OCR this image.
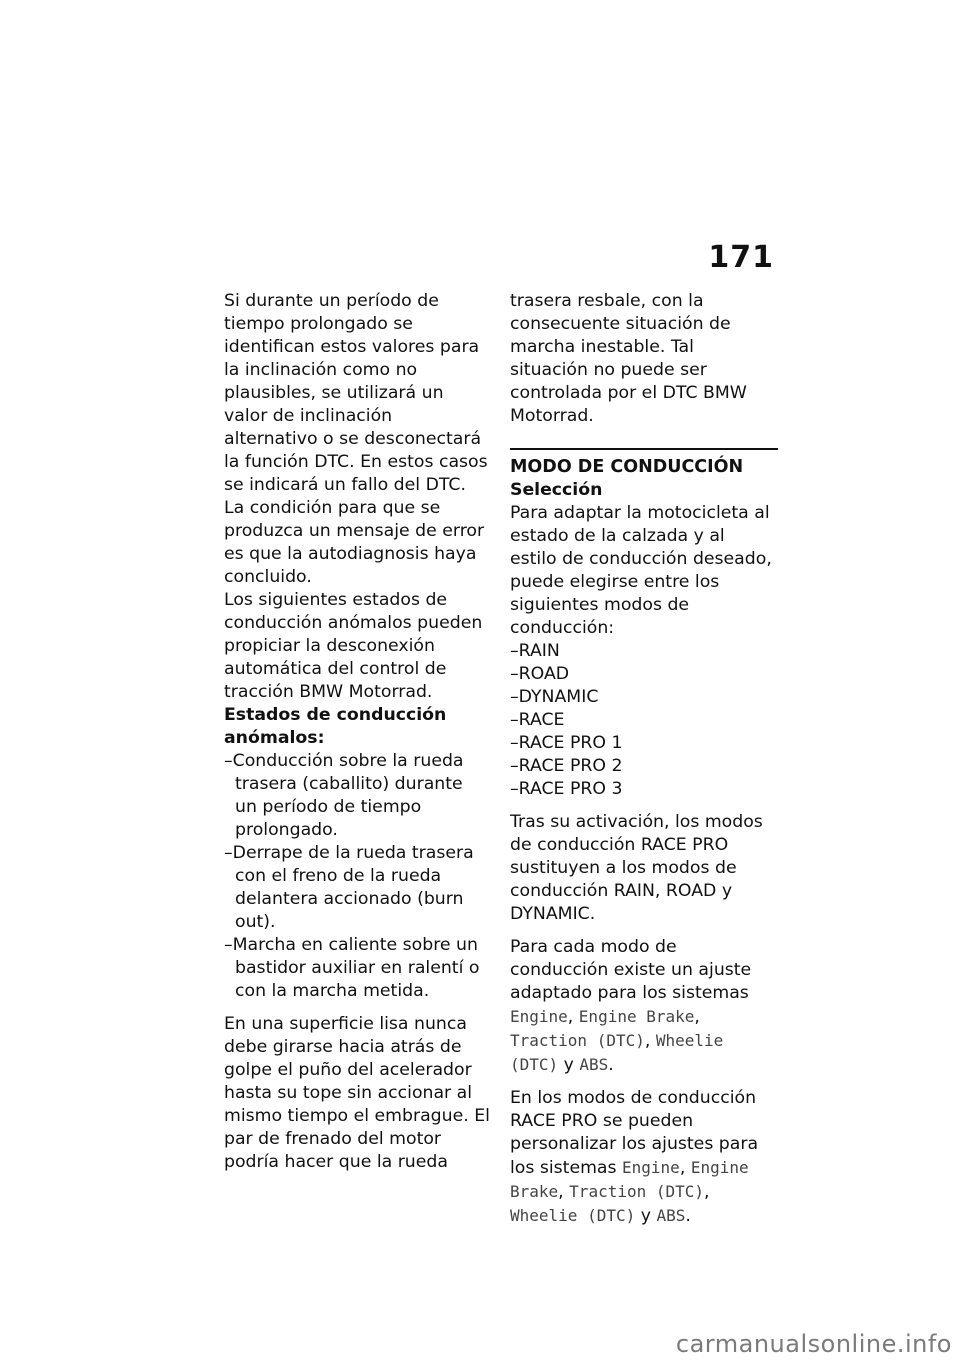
171

Si durante un período de tiempo prolongado se identifican estos valores para la inclinación como no plausibles, se utilizará un valor de inclinación alternativo o se desconectará la función DTC. En estos casos se indicará un fallo del DTC. La condición para que se produzca un mensaje de error es que la autodiagnosis haya concluido.

Los siguientes estados de conducción anómalos pueden propiciar la desconexión automática del control de tracción BMW Motorrad.

Estados de conducción anómalos:

–Conducción sobre la rueda trasera (caballito) durante un período de tiempo prolongado.

–Derrape de la rueda trasera con el freno de la rueda delantera accionado (burn out).

–Marcha en caliente sobre un bastidor auxiliar en ralentí o con la marcha metida.

En una superficie lisa nunca debe girarse hacia atrás de golpe el puño del acelerador hasta su tope sin accionar al mismo tiempo el embrague. El par de frenado del motor podría hacer que la rueda

trasera resbale, con la consecuente situación de marcha inestable. Tal situación no puede ser controlada por el DTC BMW Motorrad.

MODO DE CONDUCCIÓN

Selección

Para adaptar la motocicleta al estado de la calzada y al estilo de conducción deseado, puede elegirse entre los siguientes modos de conducción:

–RAIN

–ROAD

–DYNAMIC

–RACE

–RACE PRO 1

–RACE PRO 2

–RACE PRO 3

Tras su activación, los modos de conducción RACE PRO sustituyen a los modos de conducción RAIN, ROAD y DYNAMIC.

Para cada modo de conducción existe un ajuste adaptado para los sistemas Engine, Engine Brake, Traction (DTC), Wheelie (DTC) y ABS.

En los modos de conducción RACE PRO se pueden personalizar los ajustes para los sistemas Engine, Engine Brake, Traction (DTC), Wheelie (DTC) y ABS.

carmanualsonline.info
